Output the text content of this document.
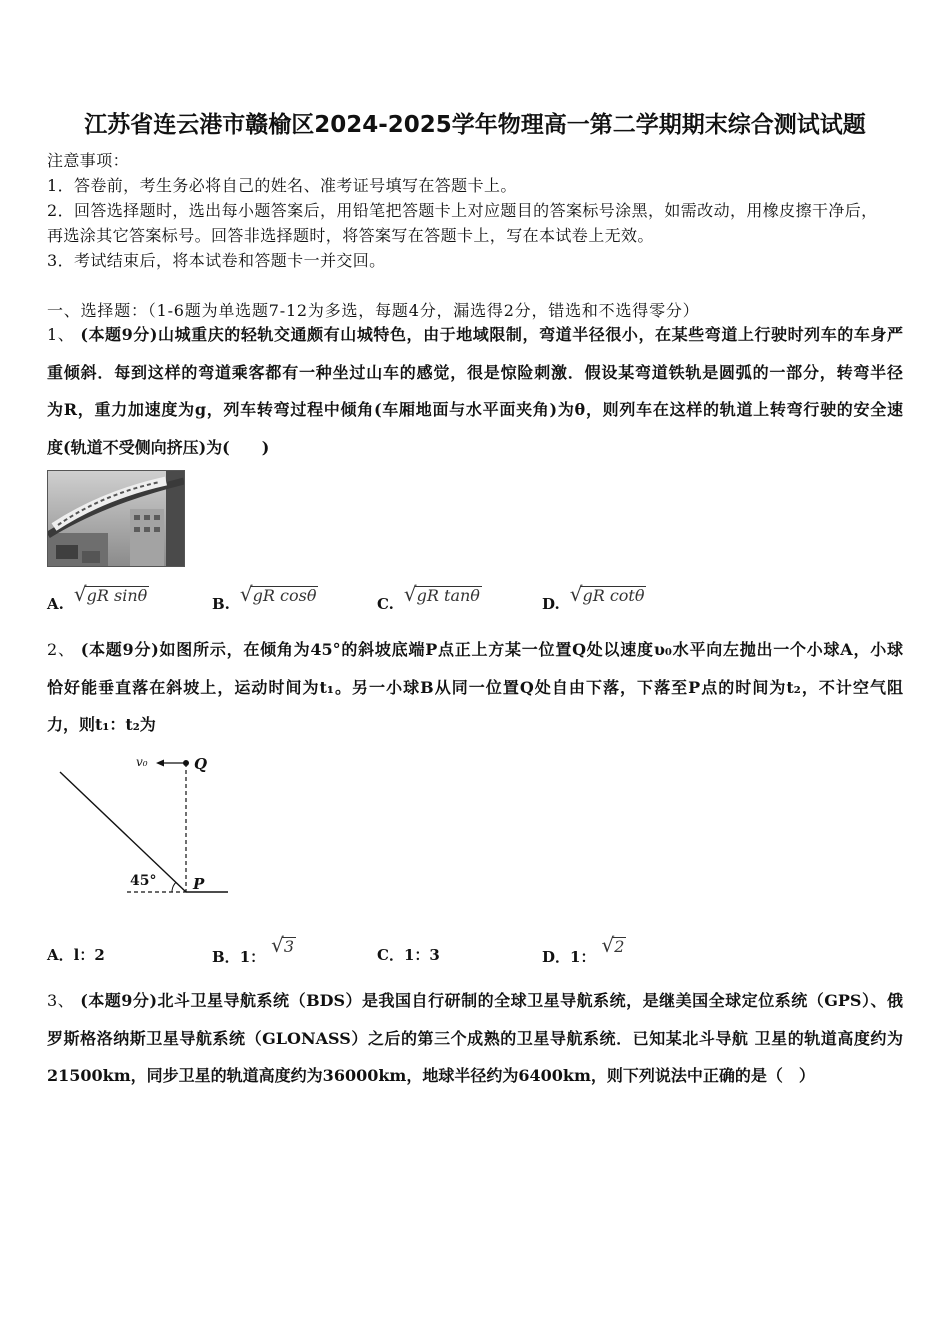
江苏省连云港市赣榆区2024-2025学年物理高一第二学期期末综合测试试题
注意事项：
1．答卷前，考生务必将自己的姓名、准考证号填写在答题卡上。
2．回答选择题时，选出每小题答案后，用铅笔把答题卡上对应题目的答案标号涂黑，如需改动，用橡皮擦干净后，
再选涂其它答案标号。回答非选择题时，将答案写在答题卡上，写在本试卷上无效。
3．考试结束后，将本试卷和答题卡一并交回。
一、选择题：（1-6题为单选题7-12为多选，每题4分，漏选得2分，错选和不选得零分）
1、 (本题9分)山城重庆的轻轨交通颇有山城特色，由于地域限制，弯道半径很小，在某些弯道上行驶时列车的车身严
重倾斜．每到这样的弯道乘客都有一种坐过山车的感觉，很是惊险刺激．假设某弯道铁轨是圆弧的一部分，转弯半径
为R，重力加速度为g，列车转弯过程中倾角(车厢地面与水平面夹角)为θ，则列车在这样的轨道上转弯行驶的安全速
度(轨道不受侧向挤压)为(　　)
A. √gR sinθ	B. √gR cosθ	C. √gR tanθ	D. √gR cotθ
2、 (本题9分)如图所示，在倾角为45°的斜坡底端P点正上方某一位置Q处以速度υ₀水平向左抛出一个小球A，小球
恰好能垂直落在斜坡上，运动时间为t₁。另一小球B从同一位置Q处自由下落，下落至P点的时间为t₂，不计空气阻
力，则t₁：t₂为
v₀	Q
P
45°
A．l：2	B．1： √3	C．1：3	D．1： √2
3、 (本题9分)北斗卫星导航系统（BDS）是我国自行研制的全球卫星导航系统，是继美国全球定位系统（GPS）、俄
罗斯格洛纳斯卫星导航系统（GLONASS）之后的第三个成熟的卫星导航系统．已知某北斗导航 卫星的轨道高度约为
21500km，同步卫星的轨道高度约为36000km，地球半径约为6400km，则下列说法中正确的是（　）
